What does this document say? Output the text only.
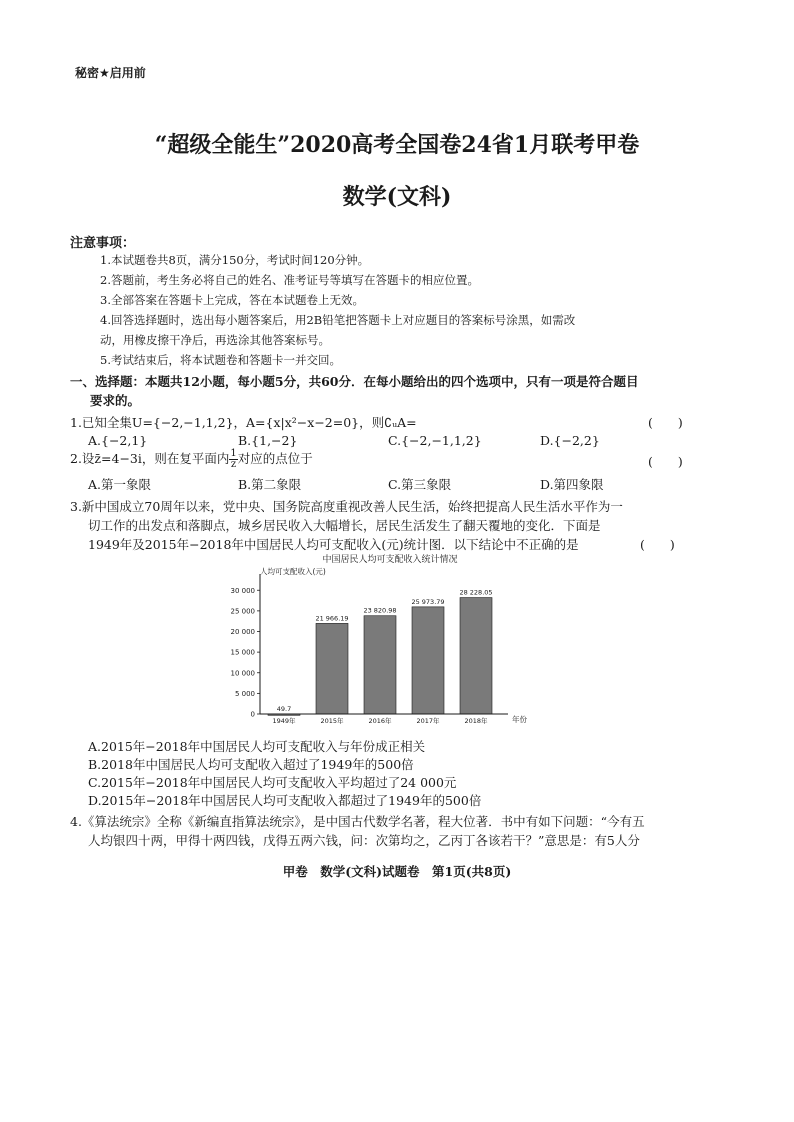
秘密★启用前
“超级全能生”2020高考全国卷24省1月联考甲卷
数学(文科)
注意事项：
1.本试题卷共8页，满分150分，考试时间120分钟。
2.答题前，考生务必将自己的姓名、准考证号等填写在答题卡的相应位置。
3.全部答案在答题卡上完成，答在本试题卷上无效。
4.回答选择题时，选出每小题答案后，用2B铅笔把答题卡上对应题目的答案标号涂黑，如需改
动，用橡皮擦干净后，再选涂其他答案标号。
5.考试结束后，将本试题卷和答题卡一并交回。
一、选择题：本题共12小题，每小题5分，共60分．在每小题给出的四个选项中，只有一项是符合题目
要求的。
1.已知全集U={−2,−1,1,2}，A={x|x²−x−2=0}，则∁ᵤA=	(　　)
A.{−2,1}	B.{1,−2}	C.{−2,−1,1,2}	D.{−2,2}
2.设z̄=4−3i，则在复平面内 $\frac{1}{z}$ 对应的点位于	(　　)
A.第一象限	B.第二象限	C.第三象限	D.第四象限
3.新中国成立70周年以来，党中央、国务院高度重视改善人民生活，始终把提高人民生活水平作为一
切工作的出发点和落脚点，城乡居民收入大幅增长，居民生活发生了翻天覆地的变化．下面是
1949年及2015年−2018年中国居民人均可支配收入(元)统计图．以下结论中不正确的是	(　　)
中国居民人均可支配收入统计情况
人均可支配收入(元)
0
5 000
10 000
15 000
20 000
25 000
30 000
49.7
1949年
21 966.19
2015年
23 820.98
2016年
25 973.79
2017年
28 228.05
2018年	年份
A.2015年−2018年中国居民人均可支配收入与年份成正相关
B.2018年中国居民人均可支配收入超过了1949年的500倍
C.2015年−2018年中国居民人均可支配收入平均超过了24 000元
D.2015年−2018年中国居民人均可支配收入都超过了1949年的500倍
4.《算法统宗》全称《新编直指算法统宗》，是中国古代数学名著，程大位著．书中有如下问题：“今有五
人均银四十两，甲得十两四钱，戊得五两六钱，问：次第均之，乙丙丁各该若干？”意思是：有5人分
甲卷　数学(文科)试题卷　第1页(共8页)
